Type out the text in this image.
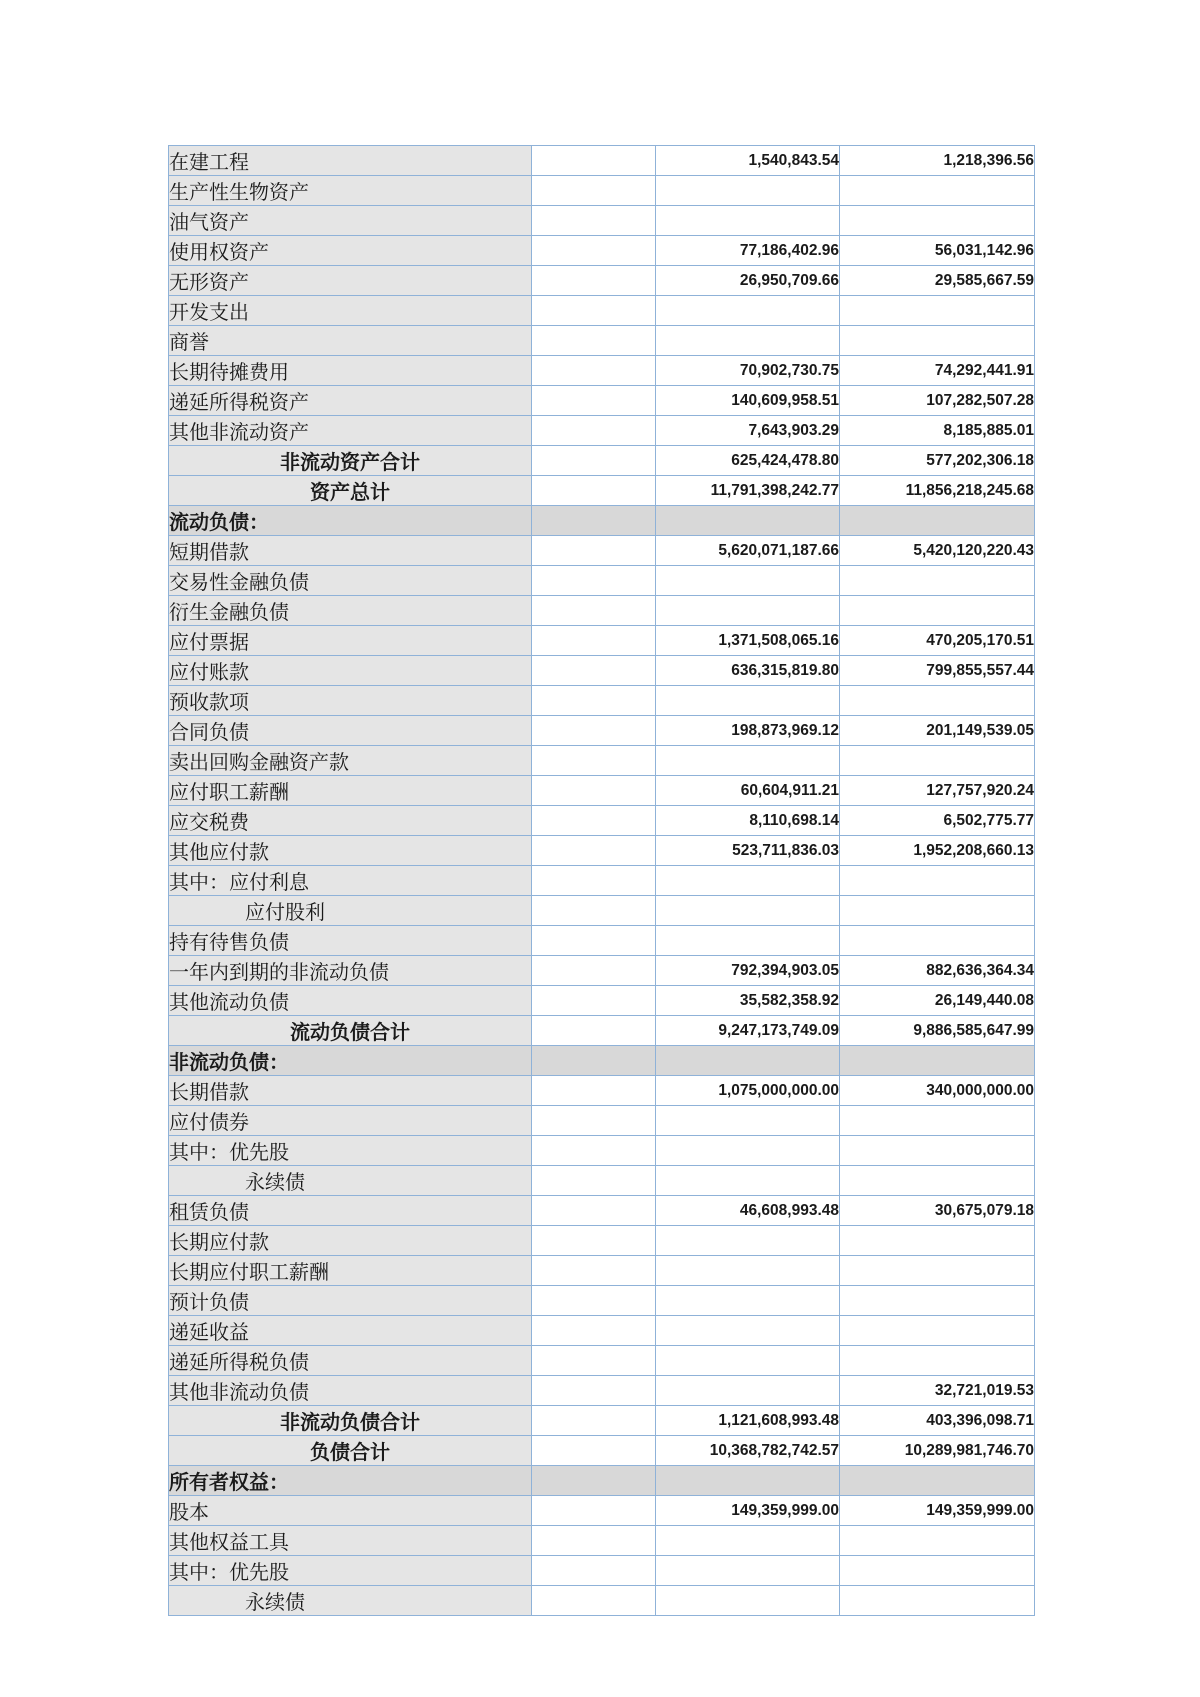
在建工程		1,540,843.54	1,218,396.56
生产性生物资产			
油气资产			
使用权资产		77,186,402.96	56,031,142.96
无形资产		26,950,709.66	29,585,667.59
开发支出			
商誉			
长期待摊费用		70,902,730.75	74,292,441.91
递延所得税资产		140,609,958.51	107,282,507.28
其他非流动资产		7,643,903.29	8,185,885.01
非流动资产合计		625,424,478.80	577,202,306.18
资产总计		11,791,398,242.77	11,856,218,245.68
流动负债：			
短期借款		5,620,071,187.66	5,420,120,220.43
交易性金融负债			
衍生金融负债			
应付票据		1,371,508,065.16	470,205,170.51
应付账款		636,315,819.80	799,855,557.44
预收款项			
合同负债		198,873,969.12	201,149,539.05
卖出回购金融资产款			
应付职工薪酬		60,604,911.21	127,757,920.24
应交税费		8,110,698.14	6,502,775.77
其他应付款		523,711,836.03	1,952,208,660.13
其中：应付利息			
应付股利			
持有待售负债			
一年内到期的非流动负债		792,394,903.05	882,636,364.34
其他流动负债		35,582,358.92	26,149,440.08
流动负债合计		9,247,173,749.09	9,886,585,647.99
非流动负债：			
长期借款		1,075,000,000.00	340,000,000.00
应付债券			
其中：优先股			
永续债			
租赁负债		46,608,993.48	30,675,079.18
长期应付款			
长期应付职工薪酬			
预计负债			
递延收益			
递延所得税负债			
其他非流动负债			32,721,019.53
非流动负债合计		1,121,608,993.48	403,396,098.71
负债合计		10,368,782,742.57	10,289,981,746.70
所有者权益：			
股本		149,359,999.00	149,359,999.00
其他权益工具			
其中：优先股			
永续债			
